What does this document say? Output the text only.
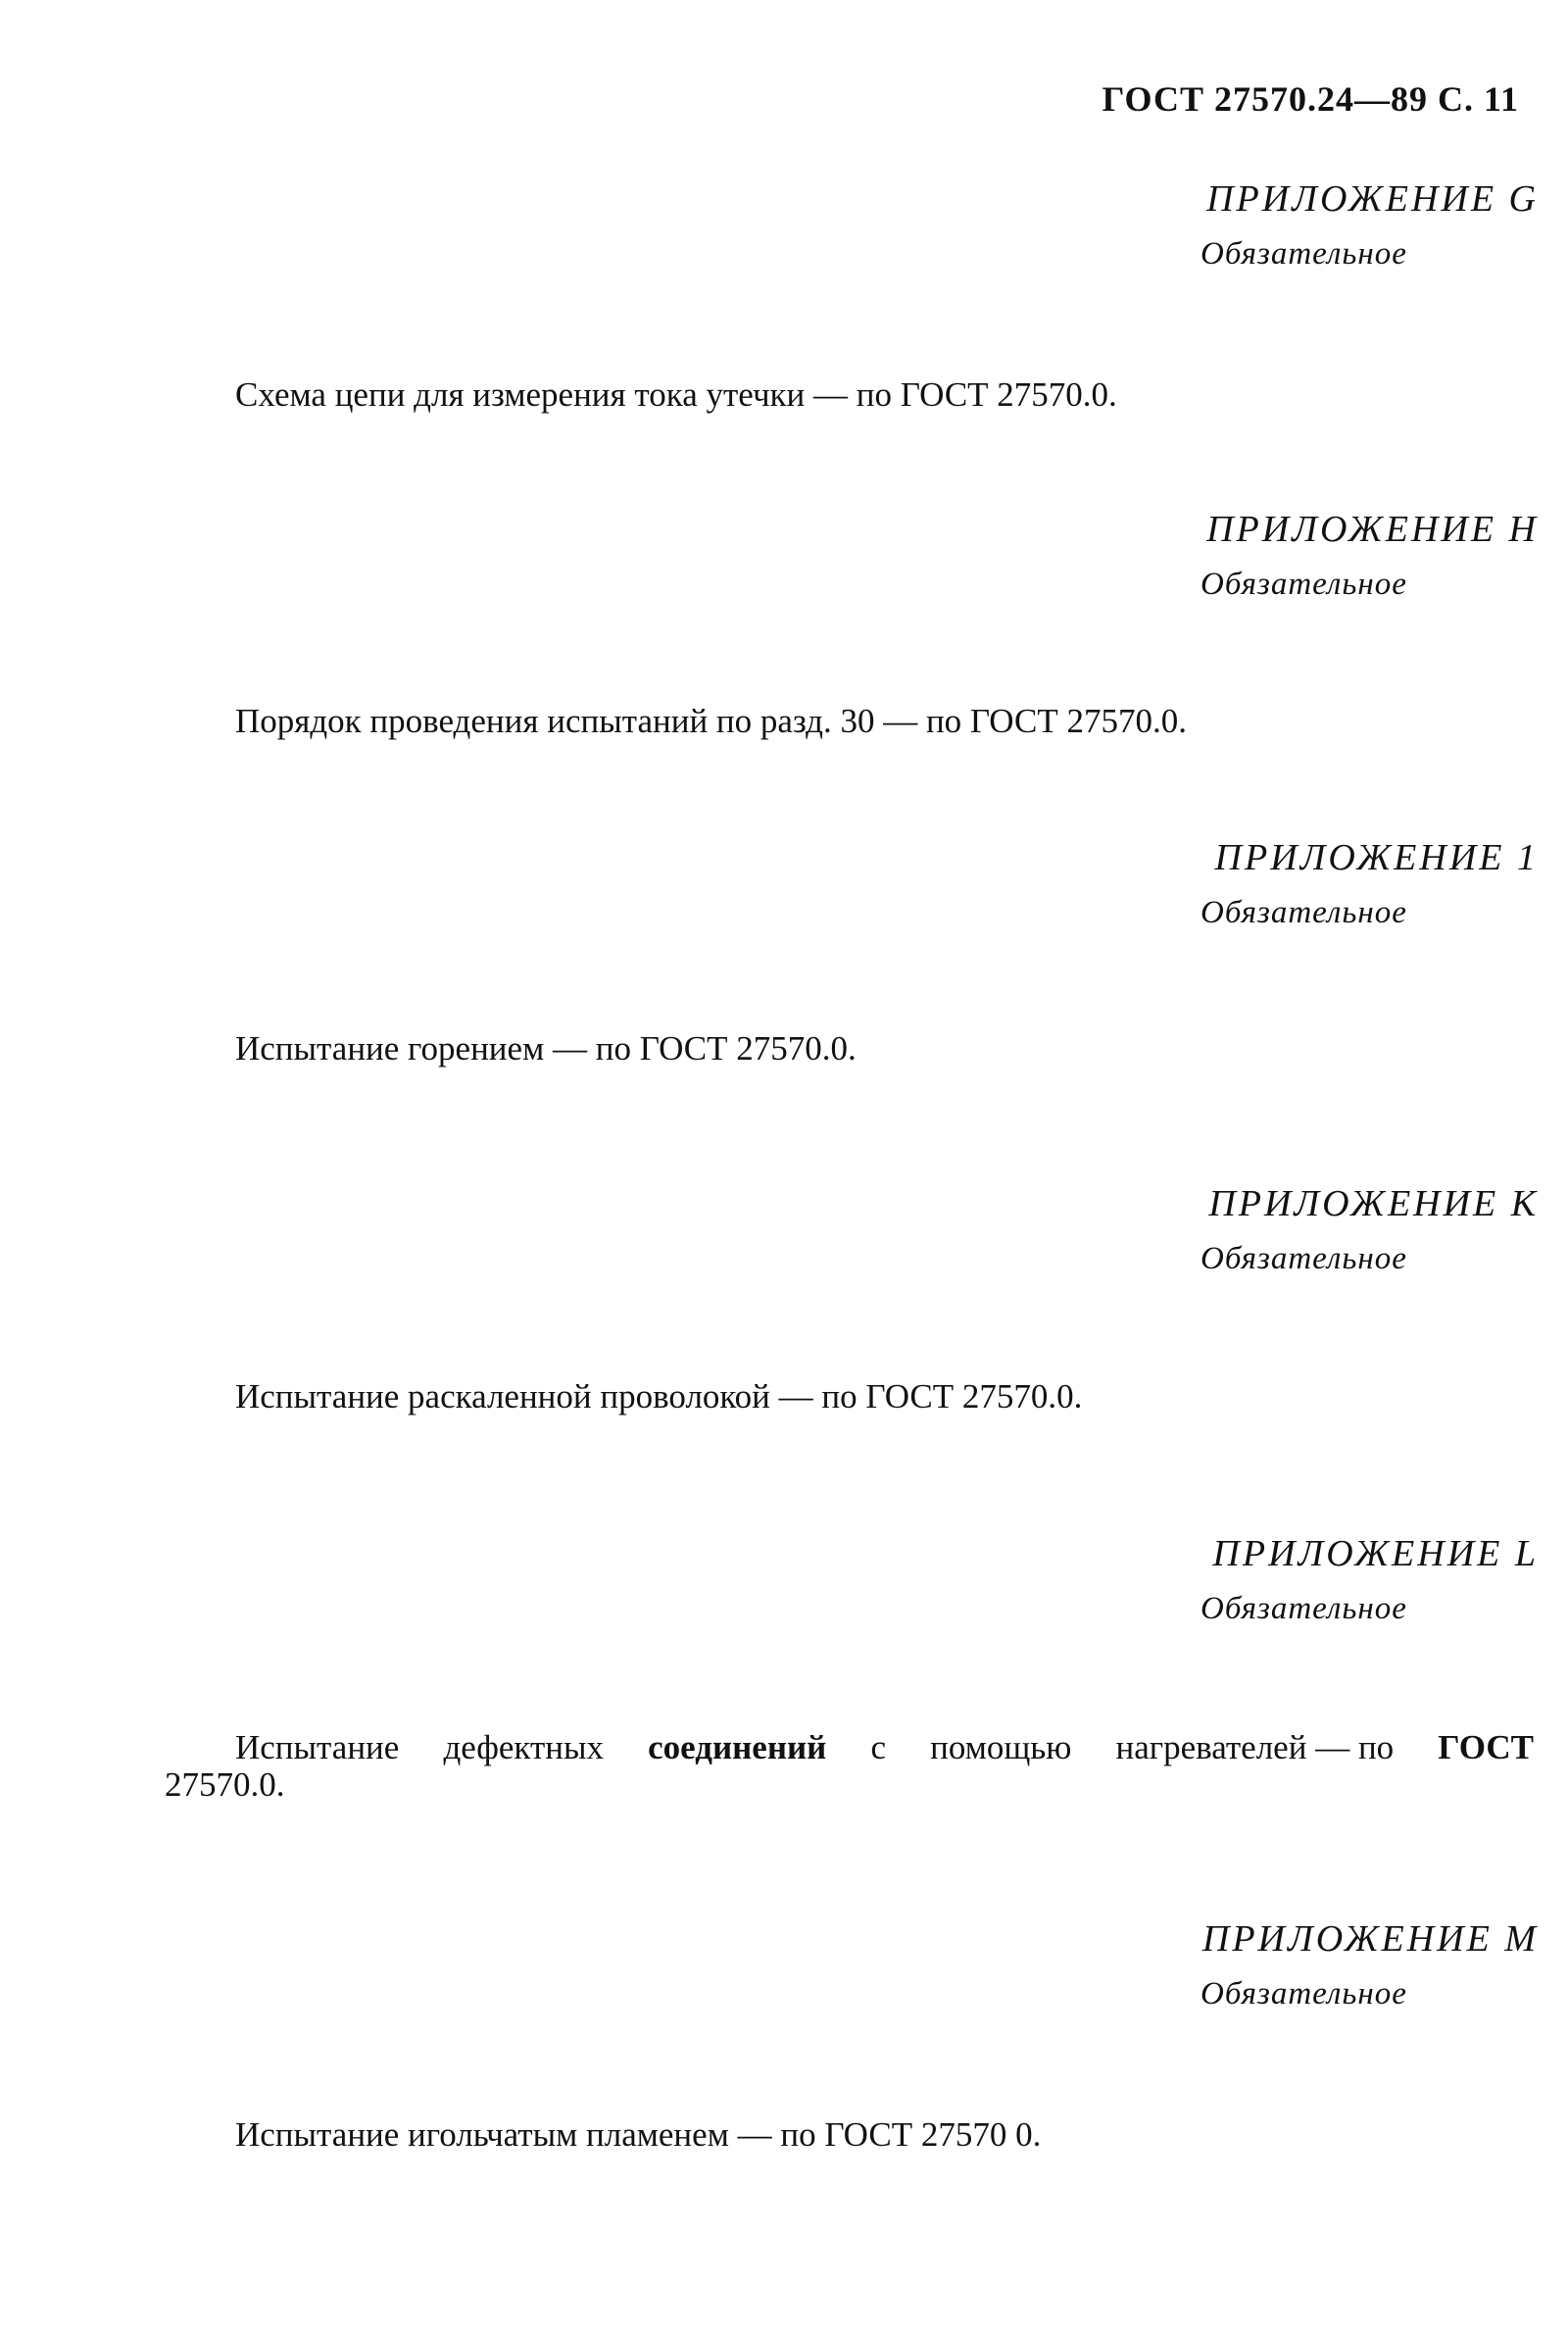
ГОСТ 27570.24—89 С. 11
ПРИЛОЖЕНИЕ G
Обязательное
Схема цепи для измерения тока утечки — по ГОСТ 27570.0.
ПРИЛОЖЕНИЕ H
Обязательное
Порядок проведения испытаний по разд. 30 — по ГОСТ 27570.0.
ПРИЛОЖЕНИЕ 1
Обязательное
Испытание горением — по ГОСТ 27570.0.
ПРИЛОЖЕНИЕ К
Обязательное
Испытание раскаленной проволокой — по ГОСТ 27570.0.
ПРИЛОЖЕНИЕ L
Обязательное
Испытание дефектных соединений с помощью нагревателей — по ГОСТ
27570.0.
ПРИЛОЖЕНИЕ М
Обязательное
Испытание игольчатым пламенем — по ГОСТ 27570 0.
